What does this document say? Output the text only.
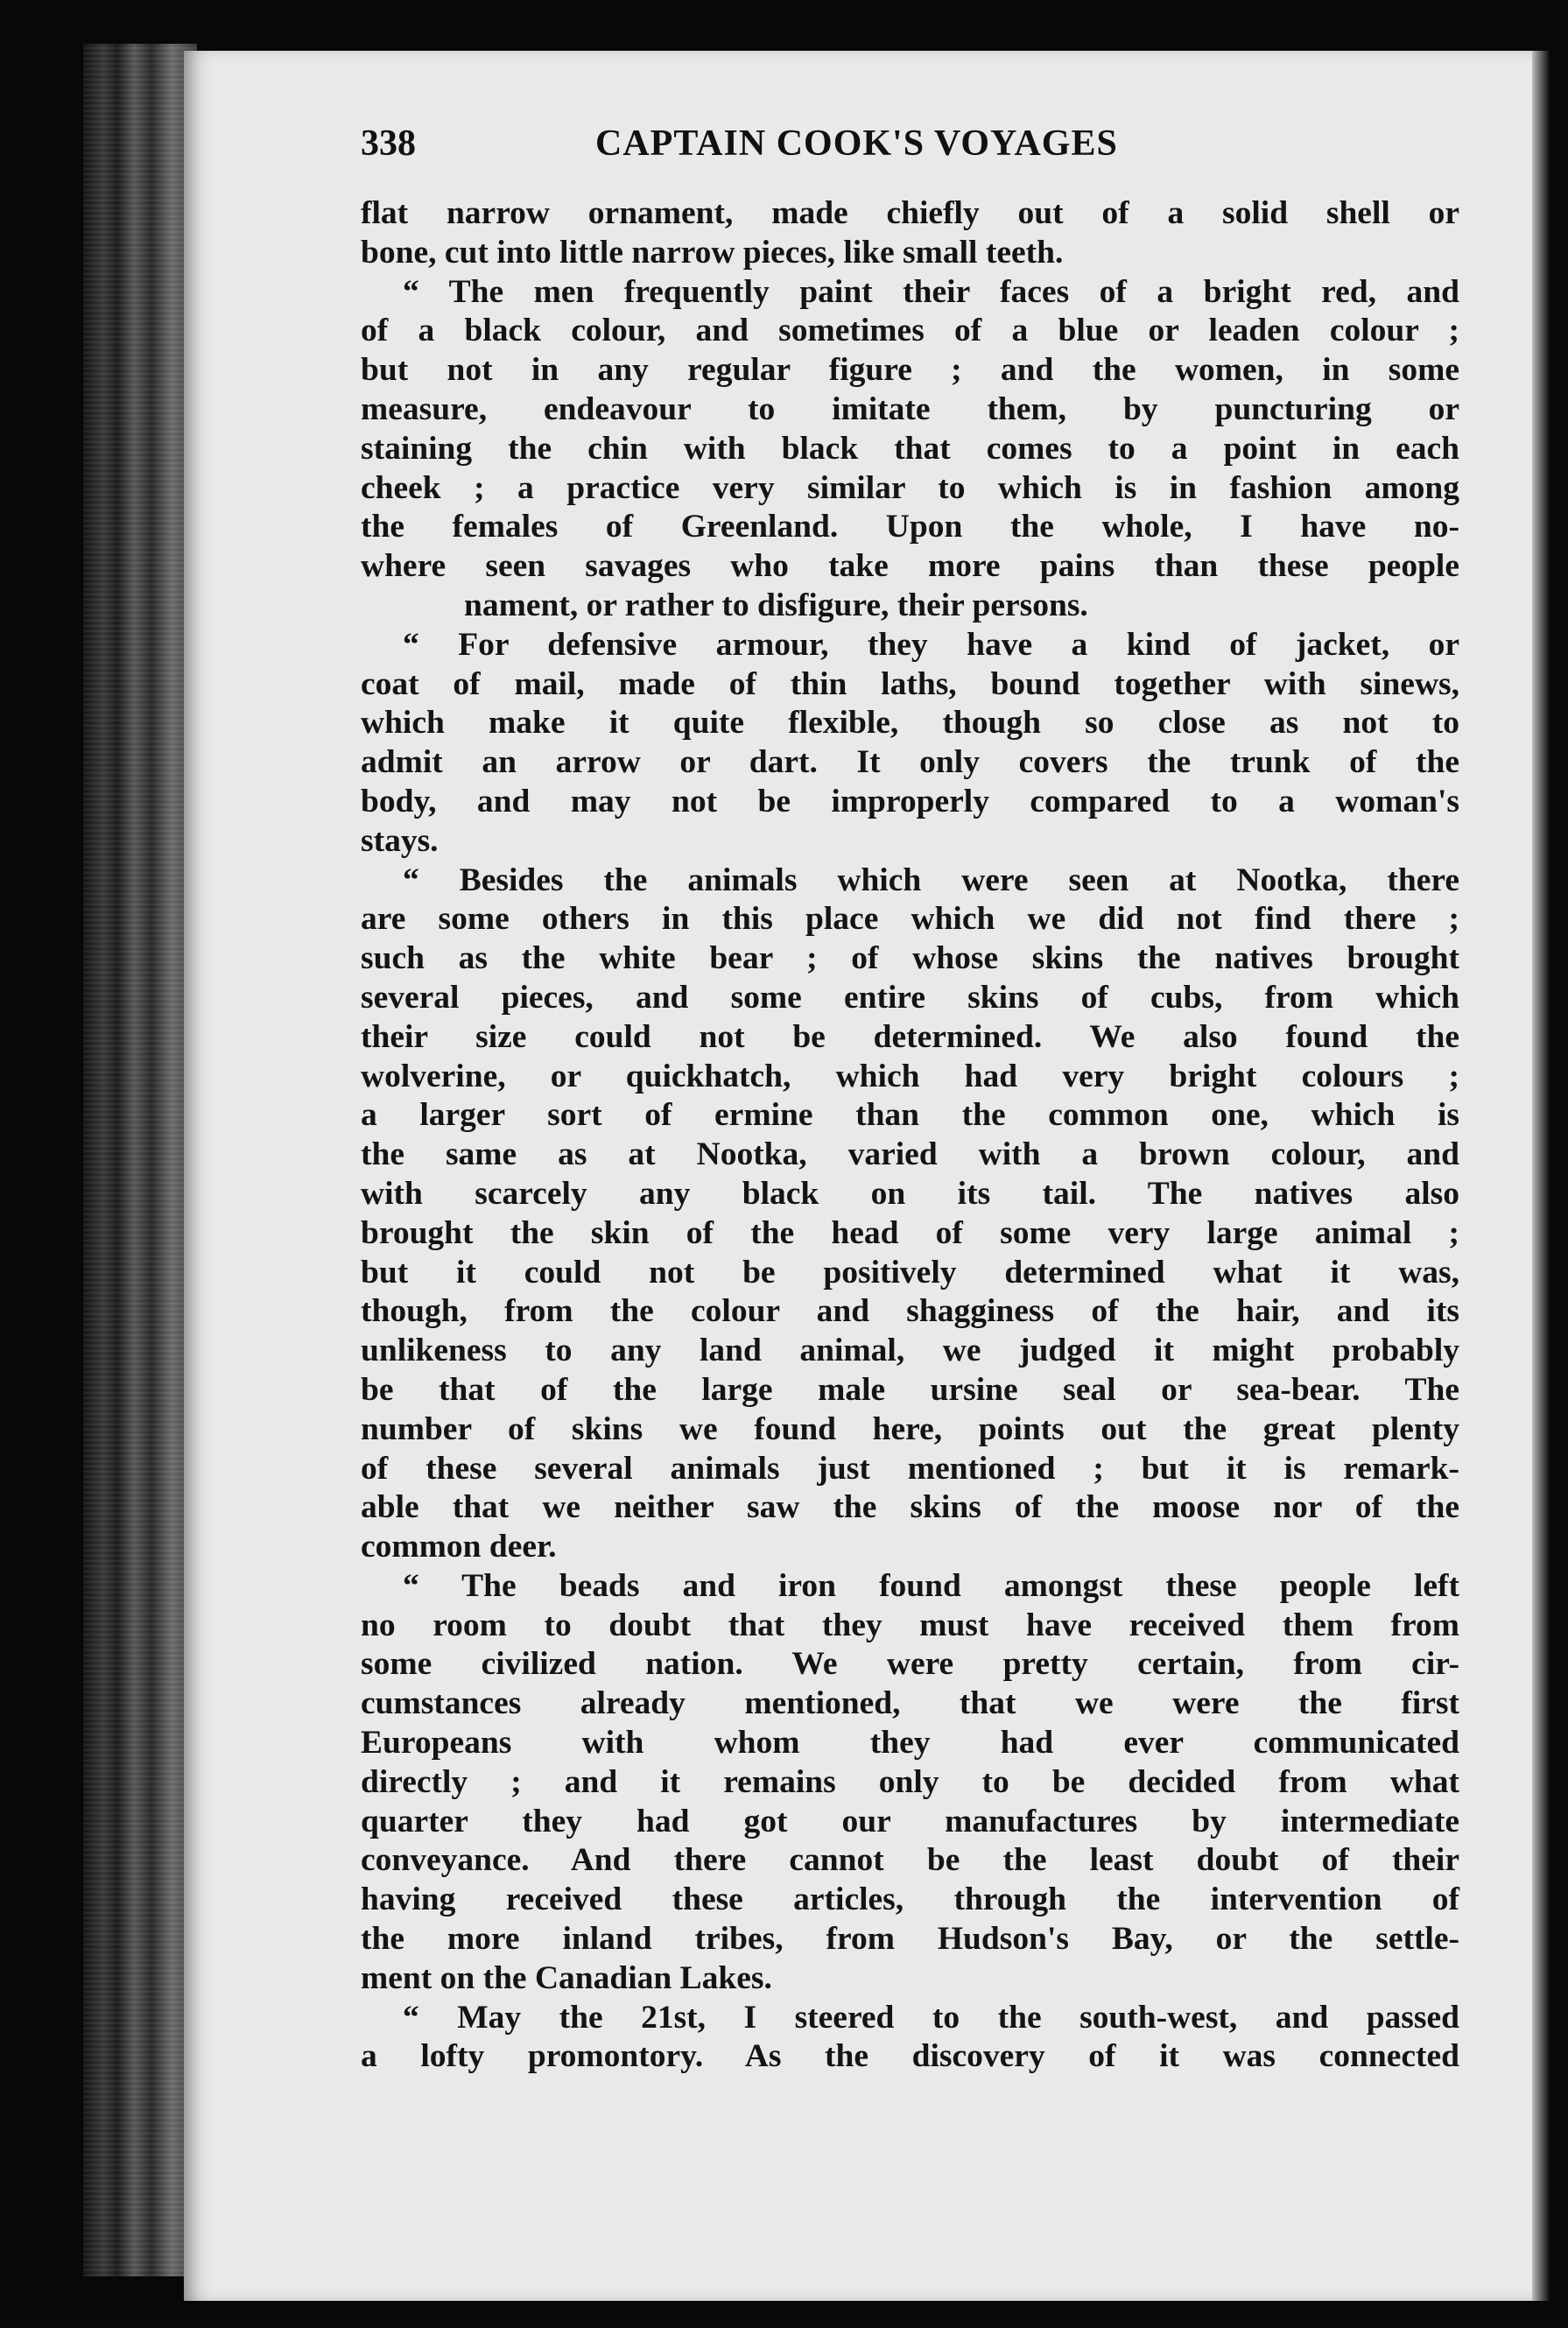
338	CAPTAIN COOK'S VOYAGES
flat narrow ornament, made chiefly out of a solid shell or
bone, cut into little narrow pieces, like small teeth.
“ The men frequently paint their faces of a bright red, and
of a black colour, and sometimes of a blue or leaden colour ;
but not in any regular figure ; and the women, in some
measure, endeavour to imitate them, by puncturing or
staining the chin with black that comes to a point in each
cheek ; a practice very similar to which is in fashion among
the females of Greenland. Upon the whole, I have no-
where seen savages who take more pains than these people
nament, or rather to disfigure, their persons.
“ For defensive armour, they have a kind of jacket, or
coat of mail, made of thin laths, bound together with sinews,
which make it quite flexible, though so close as not to
admit an arrow or dart. It only covers the trunk of the
body, and may not be improperly compared to a woman's
stays.
“ Besides the animals which were seen at Nootka, there
are some others in this place which we did not find there ;
such as the white bear ; of whose skins the natives brought
several pieces, and some entire skins of cubs, from which
their size could not be determined. We also found the
wolverine, or quickhatch, which had very bright colours ;
a larger sort of ermine than the common one, which is
the same as at Nootka, varied with a brown colour, and
with scarcely any black on its tail. The natives also
brought the skin of the head of some very large animal ;
but it could not be positively determined what it was,
though, from the colour and shagginess of the hair, and its
unlikeness to any land animal, we judged it might probably
be that of the large male ursine seal or sea-bear. The
number of skins we found here, points out the great plenty
of these several animals just mentioned ; but it is remark-
able that we neither saw the skins of the moose nor of the
common deer.
“ The beads and iron found amongst these people left
no room to doubt that they must have received them from
some civilized nation. We were pretty certain, from cir-
cumstances already mentioned, that we were the first
Europeans with whom they had ever communicated
directly ; and it remains only to be decided from what
quarter they had got our manufactures by intermediate
conveyance. And there cannot be the least doubt of their
having received these articles, through the intervention of
the more inland tribes, from Hudson's Bay, or the settle-
ment on the Canadian Lakes.
“ May the 21st, I steered to the south-west, and passed
a lofty promontory. As the discovery of it was connected
